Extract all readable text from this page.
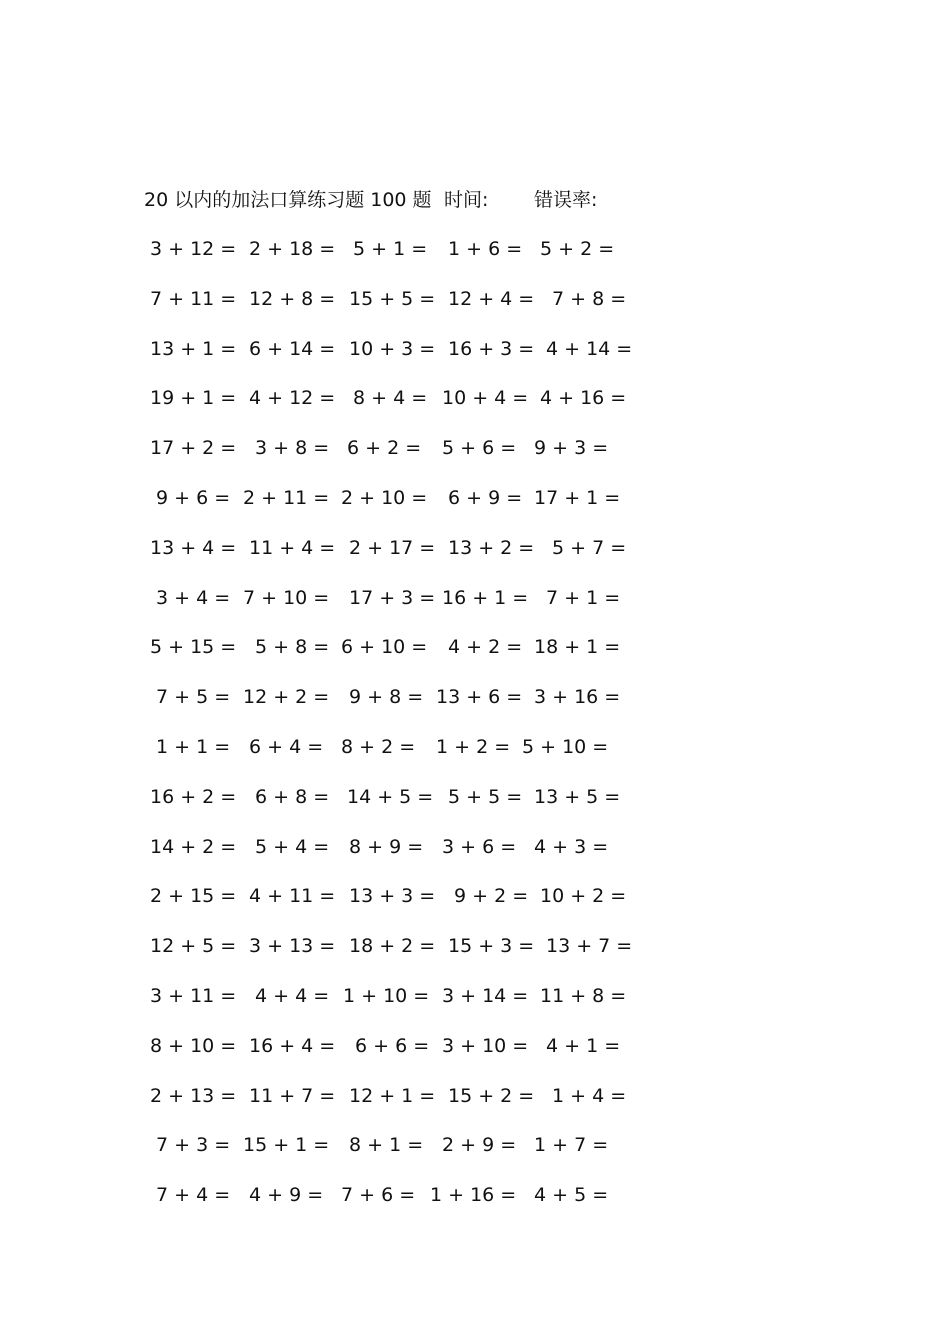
20 以内的加法口算练习题 100 题 时间: 错误率:
3 + 12 = 2 + 18 = 5 + 1 = 1 + 6 = 5 + 2 =
7 + 11 = 12 + 8 = 15 + 5 = 12 + 4 = 7 + 8 =
13 + 1 = 6 + 14 = 10 + 3 = 16 + 3 = 4 + 14 =
19 + 1 = 4 + 12 = 8 + 4 = 10 + 4 = 4 + 16 =
17 + 2 = 3 + 8 = 6 + 2 = 5 + 6 = 9 + 3 =
9 + 6 = 2 + 11 = 2 + 10 = 6 + 9 = 17 + 1 =
13 + 4 = 11 + 4 = 2 + 17 = 13 + 2 = 5 + 7 =
3 + 4 = 7 + 10 = 17 + 3 = 16 + 1 = 7 + 1 =
5 + 15 = 5 + 8 = 6 + 10 = 4 + 2 = 18 + 1 =
7 + 5 = 12 + 2 = 9 + 8 = 13 + 6 = 3 + 16 =
1 + 1 = 6 + 4 = 8 + 2 = 1 + 2 = 5 + 10 =
16 + 2 = 6 + 8 = 14 + 5 = 5 + 5 = 13 + 5 =
14 + 2 = 5 + 4 = 8 + 9 = 3 + 6 = 4 + 3 =
2 + 15 = 4 + 11 = 13 + 3 = 9 + 2 = 10 + 2 =
12 + 5 = 3 + 13 = 18 + 2 = 15 + 3 = 13 + 7 =
3 + 11 = 4 + 4 = 1 + 10 = 3 + 14 = 11 + 8 =
8 + 10 = 16 + 4 = 6 + 6 = 3 + 10 = 4 + 1 =
2 + 13 = 11 + 7 = 12 + 1 = 15 + 2 = 1 + 4 =
7 + 3 = 15 + 1 = 8 + 1 = 2 + 9 = 1 + 7 =
7 + 4 = 4 + 9 = 7 + 6 = 1 + 16 = 4 + 5 =
